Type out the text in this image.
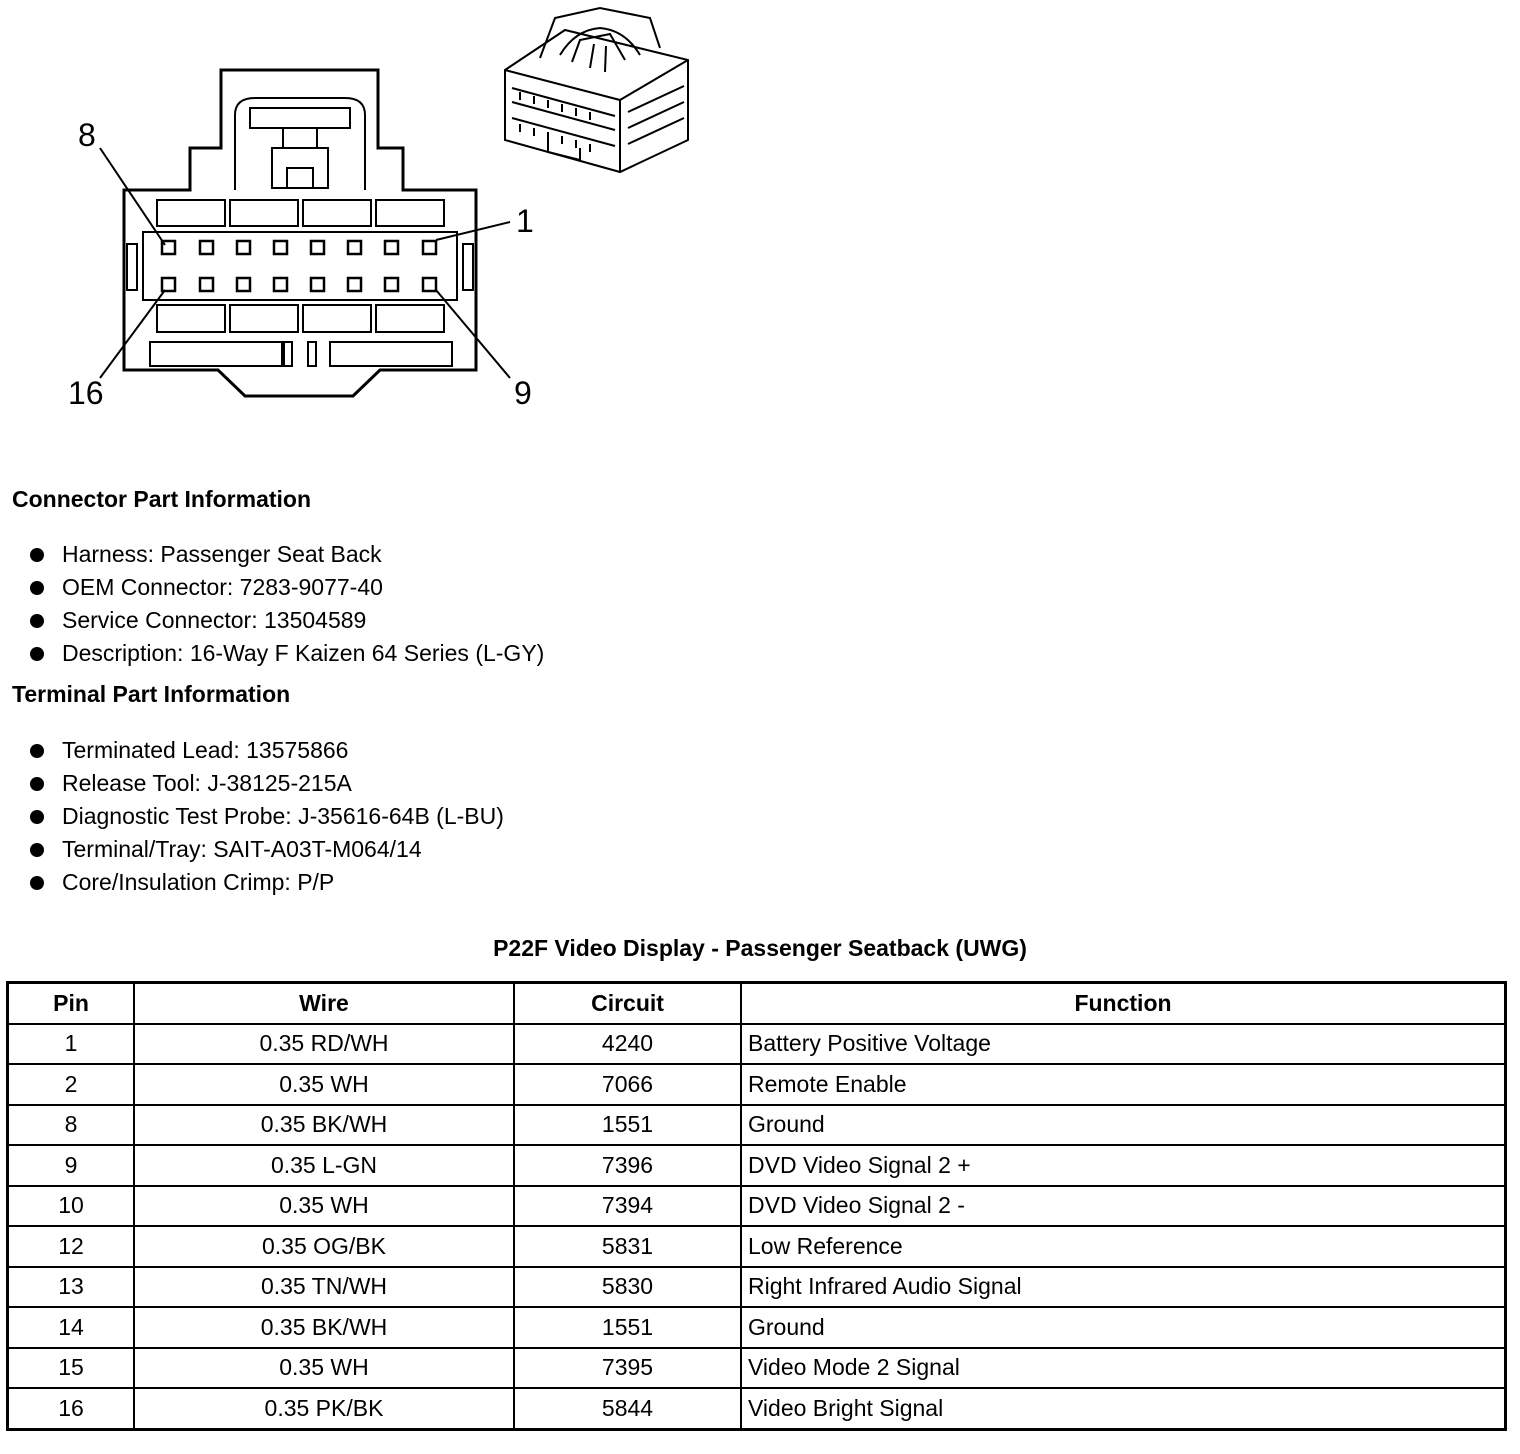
8
1
16	9
Connector Part Information
Harness: Passenger Seat Back
OEM Connector: 7283-9077-40
Service Connector: 13504589
Description: 16-Way F Kaizen 64 Series (L-GY)
Terminal Part Information
Terminated Lead: 13575866
Release Tool: J-38125-215A
Diagnostic Test Probe: J-35616-64B (L-BU)
Terminal/Tray: SAIT-A03T-M064/14
Core/Insulation Crimp: P/P
P22F Video Display - Passenger Seatback (UWG)
Pin	Wire	Circuit	Function
1	0.35 RD/WH	4240	Battery Positive Voltage
2	0.35 WH	7066	Remote Enable
8	0.35 BK/WH	1551	Ground
9	0.35 L-GN	7396	DVD Video Signal 2 +
10	0.35 WH	7394	DVD Video Signal 2 -
12	0.35 OG/BK	5831	Low Reference
13	0.35 TN/WH	5830	Right Infrared Audio Signal
14	0.35 BK/WH	1551	Ground
15	0.35 WH	7395	Video Mode 2 Signal
16	0.35 PK/BK	5844	Video Bright Signal
